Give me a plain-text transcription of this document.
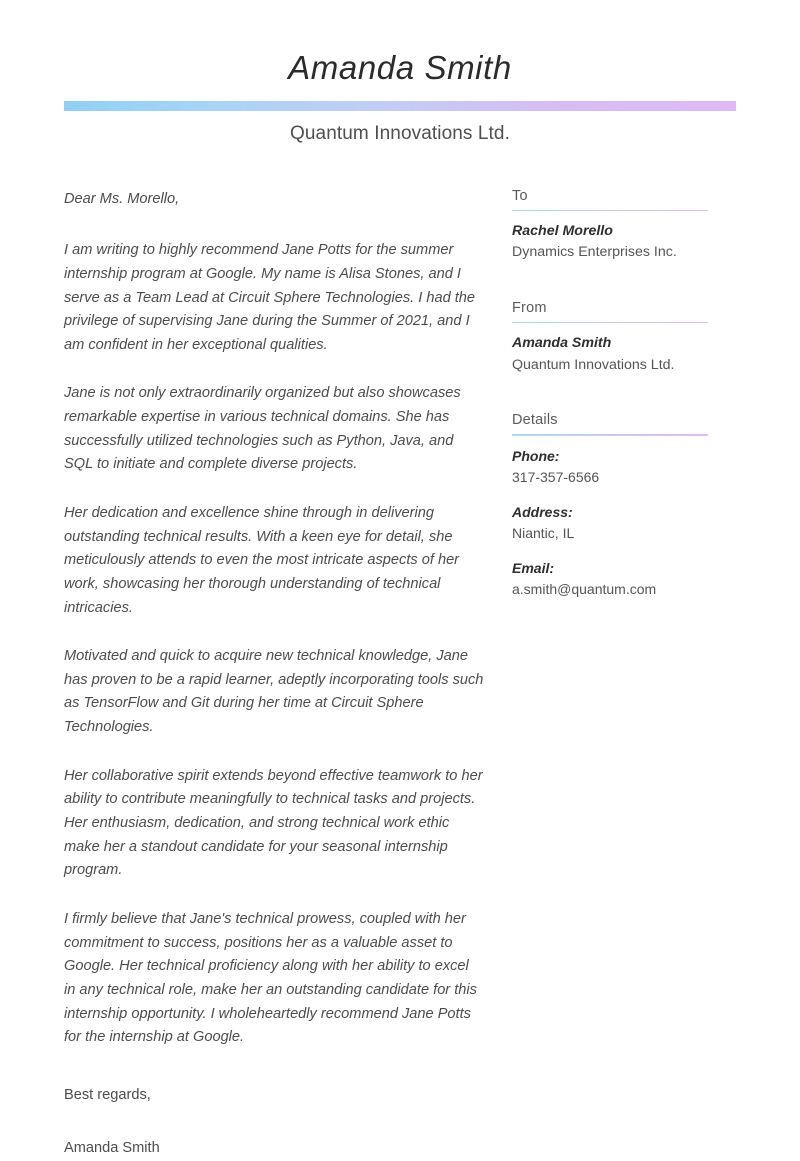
Amanda Smith
Quantum Innovations Ltd.

Dear Ms. Morello,

I am writing to highly recommend Jane Potts for the summer internship program at Google. My name is Alisa Stones, and I serve as a Team Lead at Circuit Sphere Technologies. I had the privilege of supervising Jane during the Summer of 2021, and I am confident in her exceptional qualities.

Jane is not only extraordinarily organized but also showcases remarkable expertise in various technical domains. She has successfully utilized technologies such as Python, Java, and SQL to initiate and complete diverse projects.

Her dedication and excellence shine through in delivering outstanding technical results. With a keen eye for detail, she meticulously attends to even the most intricate aspects of her work, showcasing her thorough understanding of technical intricacies.

Motivated and quick to acquire new technical knowledge, Jane has proven to be a rapid learner, adeptly incorporating tools such as TensorFlow and Git during her time at Circuit Sphere Technologies.

Her collaborative spirit extends beyond effective teamwork to her ability to contribute meaningfully to technical tasks and projects. Her enthusiasm, dedication, and strong technical work ethic make her a standout candidate for your seasonal internship program.

I firmly believe that Jane's technical prowess, coupled with her commitment to success, positions her as a valuable asset to Google. Her technical proficiency along with her ability to excel in any technical role, make her an outstanding candidate for this internship opportunity. I wholeheartedly recommend Jane Potts for the internship at Google.

Best regards,

Amanda Smith

To
Rachel Morello
Dynamics Enterprises Inc.
From
Amanda Smith
Quantum Innovations Ltd.
Details
Phone:
317-357-6566
Address:
Niantic, IL
Email:
a.smith@quantum.com
